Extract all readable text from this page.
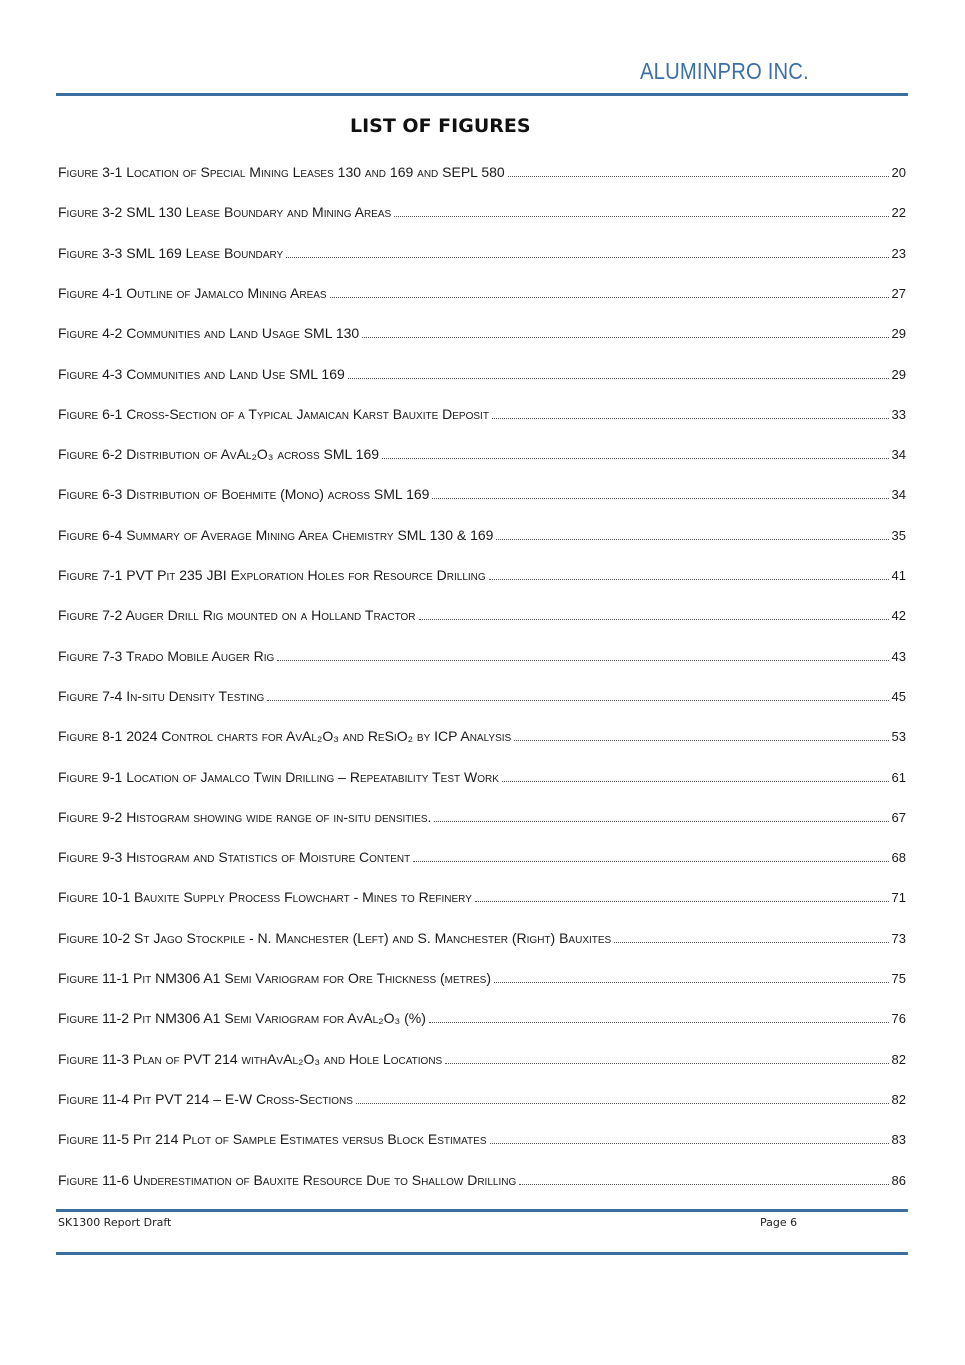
ALUMINPRO INC.
LIST OF FIGURES
Figure 3-1 Location of Special Mining Leases 130 and 169 and SEPL 580	20
Figure 3-2 SML 130 Lease Boundary and Mining Areas	22
Figure 3-3 SML 169 Lease Boundary	23
Figure 4-1 Outline of Jamalco Mining Areas	27
Figure 4-2 Communities and Land Usage SML 130	29
Figure 4-3 Communities and Land Use SML 169	29
Figure 6-1 Cross-Section of a Typical Jamaican Karst Bauxite Deposit	33
Figure 6-2 Distribution of AvAl₂O₃ across SML 169	34
Figure 6-3 Distribution of Boehmite (Mono) across SML 169	34
Figure 6-4 Summary of Average Mining Area Chemistry SML 130 & 169	35
Figure 7-1 PVT Pit 235 JBI Exploration Holes for Resource Drilling	41
Figure 7-2 Auger Drill Rig mounted on a Holland Tractor	42
Figure 7-3 Trado Mobile Auger Rig	43
Figure 7-4 In-situ Density Testing	45
Figure 8-1 2024 Control charts for AvAl₂O₃ and ReSiO₂ by ICP Analysis	53
Figure 9-1 Location of Jamalco Twin Drilling – Repeatability Test Work	61
Figure 9-2 Histogram showing wide range of in-situ densities.	67
Figure 9-3 Histogram and Statistics of Moisture Content	68
Figure 10-1 Bauxite Supply Process Flowchart - Mines to Refinery	71
Figure 10-2 St Jago Stockpile - N. Manchester (Left) and S. Manchester (Right) Bauxites	73
Figure 11-1 Pit NM306 A1 Semi Variogram for Ore Thickness (metres)	75
Figure 11-2 Pit NM306 A1 Semi Variogram for AvAl₂O₃ (%)	76
Figure 11-3 Plan of PVT 214 withAvAl₂O₃ and Hole Locations	82
Figure 11-4 Pit PVT 214 – E-W Cross-Sections	82
Figure 11-5 Pit 214 Plot of Sample Estimates versus Block Estimates	83
Figure 11-6 Underestimation of Bauxite Resource Due to Shallow Drilling	86
SK1300 Report Draft	Page 6
